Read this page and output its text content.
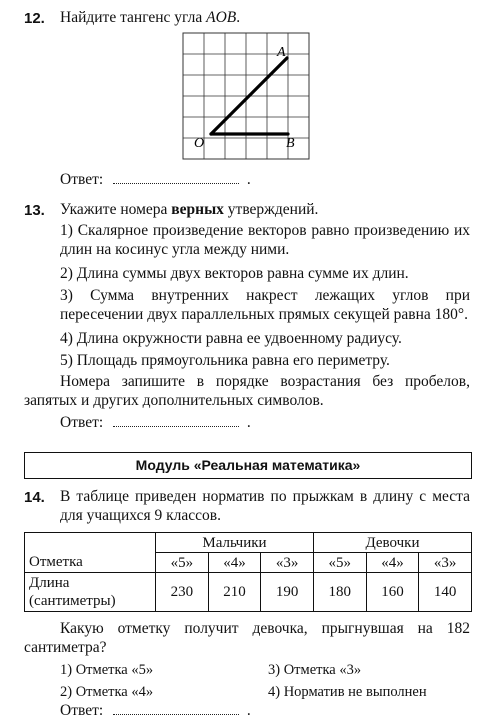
12. Найдите тангенс угла AOB.
A
O	B
Ответ:	.
13. Укажите номера верных утверждений.
1) Скалярное произведение векторов равно произведению их длин на косинус угла между ними.
2) Длина суммы двух векторов равна сумме их длин.
3) Сумма внутренних накрест лежащих углов при пересечении двух параллельных прямых секущей равна 180°.
4) Длина окружности равна ее удвоенному радиусу.
5) Площадь прямоугольника равна его периметру.
Номера запишите в порядке возрастания без пробелов, запятых и других дополнительных символов.
Ответ:	.
Модуль «Реальная математика»
14. В таблице приведен норматив по прыжкам в длину с места для учащихся 9 классов.
	Мальчики			Девочки		
Отметка	«5»	«4»	«3»	«5»	«4»	«3»
Длина
(сантиметры)	230	210	190	180	160	140
Какую отметку получит девочка, прыгнувшая на 182 сантиметра?
1) Отметка «5»
2) Отметка «4»
3) Отметка «3»
4) Норматив не выполнен
Ответ:	.
